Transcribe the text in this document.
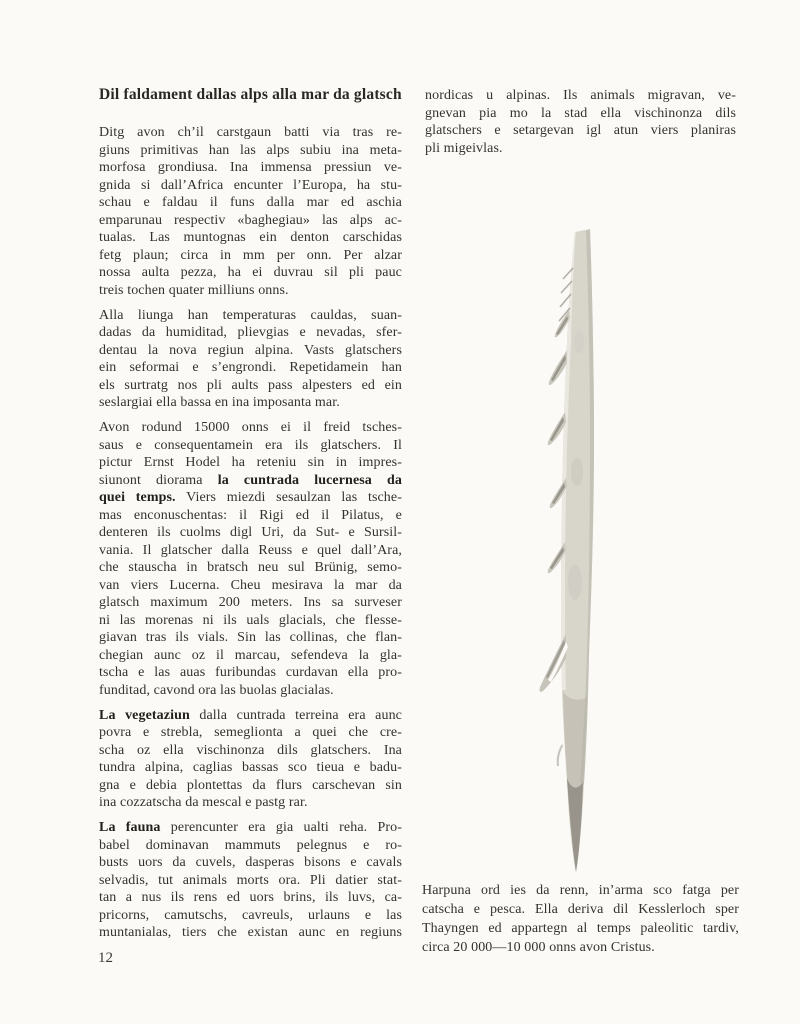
Dil faldament dallas alps alla mar da glatsch
Ditg avon ch’il carstgaun batti via tras re-
giuns primitivas han las alps subiu ina meta-
morfosa grondiusa. Ina immensa pressiun ve-
gnida si dall’Africa encunter l’Europa, ha stu-
schau e faldau il funs dalla mar ed aschia
emparunau respectiv «baghegiau» las alps ac-
tualas. Las muntognas ein denton carschidas
fetg plaun; circa in mm per onn. Per alzar
nossa aulta pezza, ha ei duvrau sil pli pauc
treis tochen quater milliuns onns.
Alla liunga han temperaturas cauldas, suan-
dadas da humiditad, plievgias e nevadas, sfer-
dentau la nova regiun alpina. Vasts glatschers
ein seformai e s’engrondi. Repetidamein han
els surtratg nos pli aults pass alpesters ed ein
seslargiai ella bassa en ina imposanta mar.
Avon rodund 15000 onns ei il freid tsches-
saus e consequentamein era ils glatschers. Il
pictur Ernst Hodel ha reteniu sin in impres-
siunont diorama la cuntrada lucernesa da
quei temps. Viers miezdi sesaulzan las tsche-
mas enconuschentas: il Rigi ed il Pilatus, e
denteren ils cuolms digl Uri, da Sut- e Sursil-
vania. Il glatscher dalla Reuss e quel dall’Ara,
che stauscha in bratsch neu sul Brünig, semo-
van viers Lucerna. Cheu mesirava la mar da
glatsch maximum 200 meters. Ins sa surveser
ni las morenas ni ils uals glacials, che flesse-
giavan tras ils vials. Sin las collinas, che flan-
chegian aunc oz il marcau, sefendeva la gla-
tscha e las auas furibundas curdavan ella pro-
funditad, cavond ora las buolas glacialas.
La vegetaziun dalla cuntrada terreina era aunc
povra e strebla, semeglionta a quei che cre-
scha oz ella vischinonza dils glatschers. Ina
tundra alpina, caglias bassas sco tieua e badu-
gna e debia plontettas da flurs carschevan sin
ina cozzatscha da mescal e pastg rar.
La fauna perencunter era gia ualti reha. Pro-
babel dominavan mammuts pelegnus e ro-
busts uors da cuvels, dasperas bisons e cavals
selvadis, tut animals morts ora. Pli datier stat-
tan a nus ils rens ed uors brins, ils luvs, ca-
pricorns, camutschs, cavreuls, urlauns e las
muntanialas, tiers che existan aunc en regiuns
nordicas u alpinas. Ils animals migravan, ve-
gnevan pia mo la stad ella vischinonza dils
glatschers e setargevan igl atun viers planiras
pli migeivlas.
Harpuna ord ies da renn, in’arma sco fatga per
catscha e pesca. Ella deriva dil Kesslerloch sper
Thayngen ed appartegn al temps paleolitic tardiv,
circa 20 000—10 000 onns avon Cristus.
12
